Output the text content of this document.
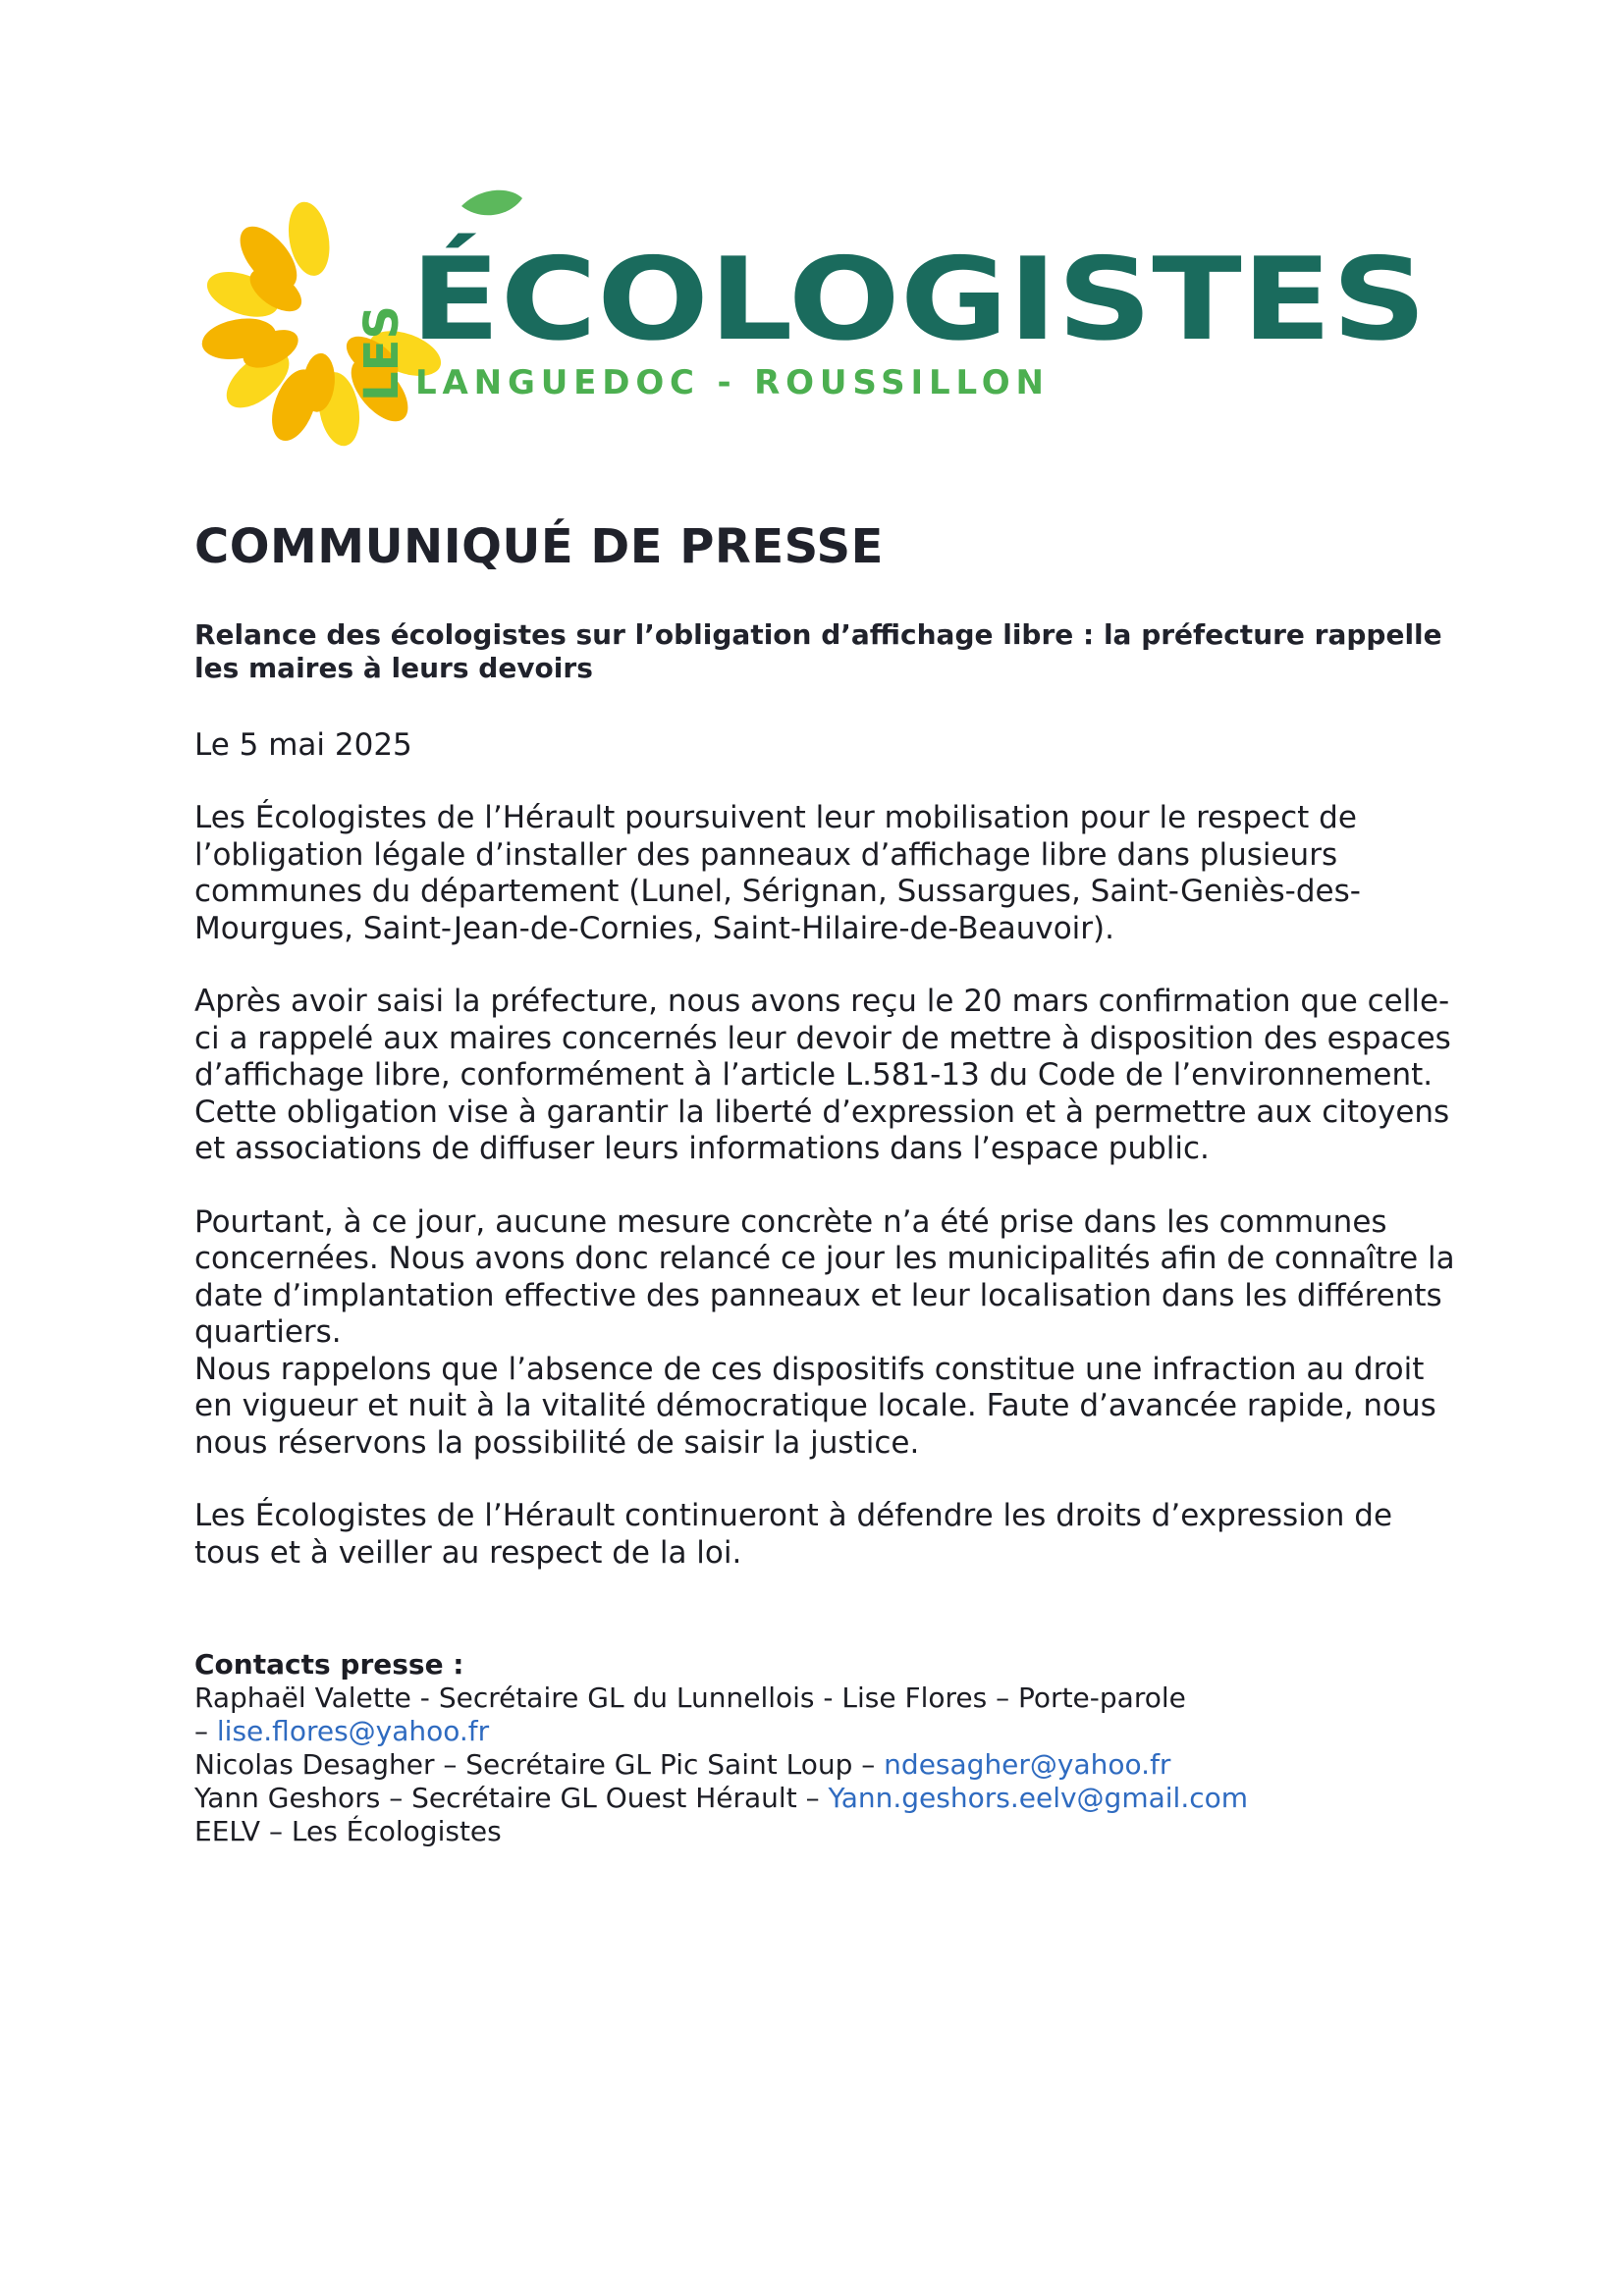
LES ÉCOLOGISTES
LANGUEDOC - ROUSSILLON
COMMUNIQUÉ DE PRESSE

Relance des écologistes sur l’obligation d’affichage libre : la préfecture rappelle les maires à leurs devoirs

Le 5 mai 2025

Les Écologistes de l’Hérault poursuivent leur mobilisation pour le respect de l’obligation légale d’installer des panneaux d’affichage libre dans plusieurs communes du département (Lunel, Sérignan, Sussargues, Saint-Geniès-des-Mourgues, Saint-Jean-de-Cornies, Saint-Hilaire-de-Beauvoir).

Après avoir saisi la préfecture, nous avons reçu le 20 mars confirmation que celle-ci a rappelé aux maires concernés leur devoir de mettre à disposition des espaces d’affichage libre, conformément à l’article L.581-13 du Code de l’environnement. Cette obligation vise à garantir la liberté d’expression et à permettre aux citoyens et associations de diffuser leurs informations dans l’espace public.

Pourtant, à ce jour, aucune mesure concrète n’a été prise dans les communes concernées. Nous avons donc relancé ce jour les municipalités afin de connaître la date d’implantation effective des panneaux et leur localisation dans les différents quartiers.

Nous rappelons que l’absence de ces dispositifs constitue une infraction au droit en vigueur et nuit à la vitalité démocratique locale. Faute d’avancée rapide, nous nous réservons la possibilité de saisir la justice.

Les Écologistes de l’Hérault continueront à défendre les droits d’expression de tous et à veiller au respect de la loi.

Contacts presse :
Raphaël Valette - Secrétaire GL du Lunnellois - Lise Flores – Porte-parole
– lise.flores@yahoo.fr
Nicolas Desagher – Secrétaire GL Pic Saint Loup – ndesagher@yahoo.fr
Yann Geshors – Secrétaire GL Ouest Hérault – Yann.geshors.eelv@gmail.com
EELV – Les Écologistes
